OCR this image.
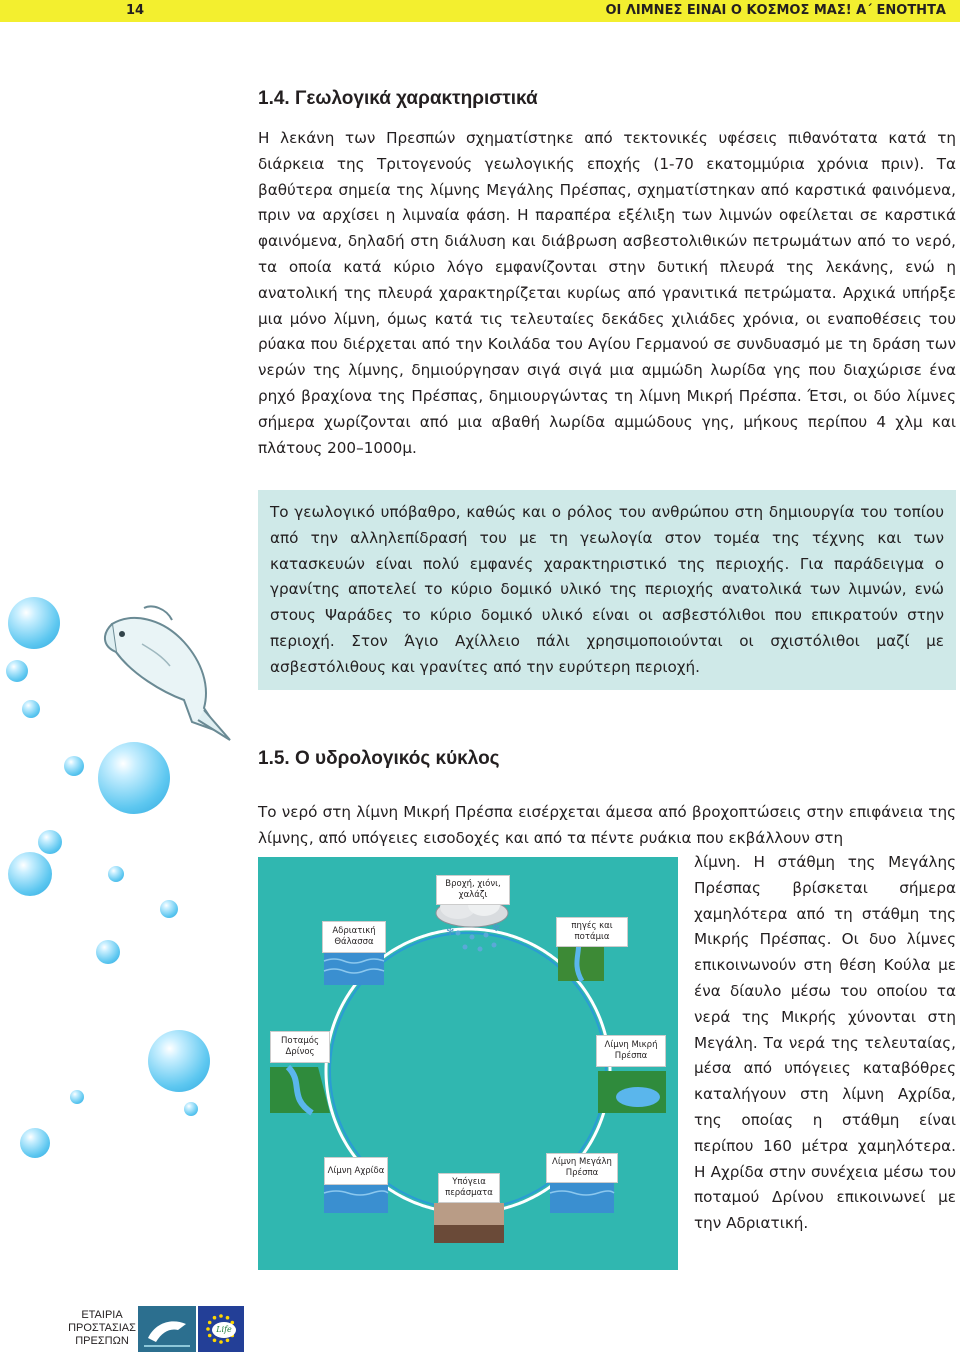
14	ΟΙ ΛΙΜΝΕΣ ΕΙΝΑΙ Ο ΚΟΣΜΟΣ ΜΑΣ! Α΄ ΕΝΟΤΗΤΑ
1.4. Γεωλογικά χαρακτηριστικά

Η λεκάνη των Πρεσπών σχηματίστηκε από τεκτονικές υφέσεις πιθανότατα κατά τη διάρκεια της Τριτογενούς γεωλογικής εποχής (1-70 εκατομμύρια χρόνια πριν). Τα βαθύτερα σημεία της λίμνης Μεγάλης Πρέσπας, σχηματίστηκαν από καρστικά φαινόμενα, πριν να αρχίσει η λιμναία φάση. Η παραπέρα εξέλιξη των λιμνών οφείλεται σε καρστικά φαινόμενα, δηλαδή στη διάλυση και διάβρωση ασβεστολιθικών πετρωμάτων από το νερό, τα οποία κατά κύριο λόγο εμφανίζονται στην δυτική πλευρά της λεκάνης, ενώ η ανατολική της πλευρά χαρακτηρίζεται κυρίως από γρανιτικά πετρώματα. Αρχικά υπήρξε μια μόνο λίμνη, όμως κατά τις τελευταίες δεκάδες χιλιάδες χρόνια, οι εναποθέσεις του ρύακα που διέρχεται από την Κοιλάδα του Αγίου Γερμανού σε συνδυασμό με τη δράση των νερών της λίμνης, δημιούργησαν σιγά σιγά μια αμμώδη λωρίδα γης που διαχώρισε ένα ρηχό βραχίονα της Πρέσπας, δημιουργώντας τη λίμνη Μικρή Πρέσπα. Έτσι, οι δύο λίμνες σήμερα χωρίζονται από μια αβαθή λωρίδα αμμώδους γης, μήκους περίπου 4 χλμ και πλάτους 200–1000μ.

Το γεωλογικό υπόβαθρο, καθώς και ο ρόλος του ανθρώπου στη δημιουργία του τοπίου από την αλληλεπίδρασή του με τη γεωλογία στον τομέα της τέχνης και των κατασκευών είναι πολύ εμφανές χαρακτηριστικό της περιοχής. Για παράδειγμα ο γρανίτης αποτελεί το κύριο δομικό υλικό της περιοχής ανατολικά των λιμνών, ενώ στους Ψαράδες το κύριο δομικό υλικό είναι οι ασβεστόλιθοι που επικρατούν στην περιοχή. Στον Άγιο Αχίλλειο πάλι χρησιμοποιούνται οι σχιστόλιθοι μαζί με ασβεστόλιθους και γρανίτες από την ευρύτερη περιοχή.

1.5. Ο υδρολογικός κύκλος

Το νερό στη λίμνη Μικρή Πρέσπα εισέρχεται άμεσα από βροχοπτώσεις στην επιφάνεια της λίμνης, από υπόγειες εισοδοχές και από τα πέντε ρυάκια που εκβάλλουν στη

λίμνη. Η στάθμη της Μεγάλης Πρέσπας βρίσκεται σήμερα χαμηλότερα από τη στάθμη της Μικρής Πρέσπας. Οι δυο λίμνες επικοινωνούν στη θέση Κούλα με ένα δίαυλο μέσω του οποίου τα νερά της Μικρής χύνονται στη Μεγάλη. Τα νερά της τελευταίας, μέσα από υπόγειες καταβόθρες καταλήγουν στη λίμνη Αχρίδα, της οποίας η στάθμη είναι περίπου 160 μέτρα χαμηλότερα. Η Αχρίδα στην συνέχεια μέσω του ποταμού Δρίνου επικοινωνεί με την Αδριατική.

✻	✻
Βροχή, χιόνι, χαλάζι
Αδριατική Θάλασσα
πηγές και ποτάμια
Ποταμός Δρίνος
Λίμνη Μικρή Πρέσπα
Λίμνη Αχρίδα
Υπόγεια περάσματα
Λίμνη Μεγάλη Πρέσπα
ΕΤΑΙΡΙΑ
ΠΡΟΣΤΑΣΙΑΣ
ΠΡΕΣΠΩΝ
Life
